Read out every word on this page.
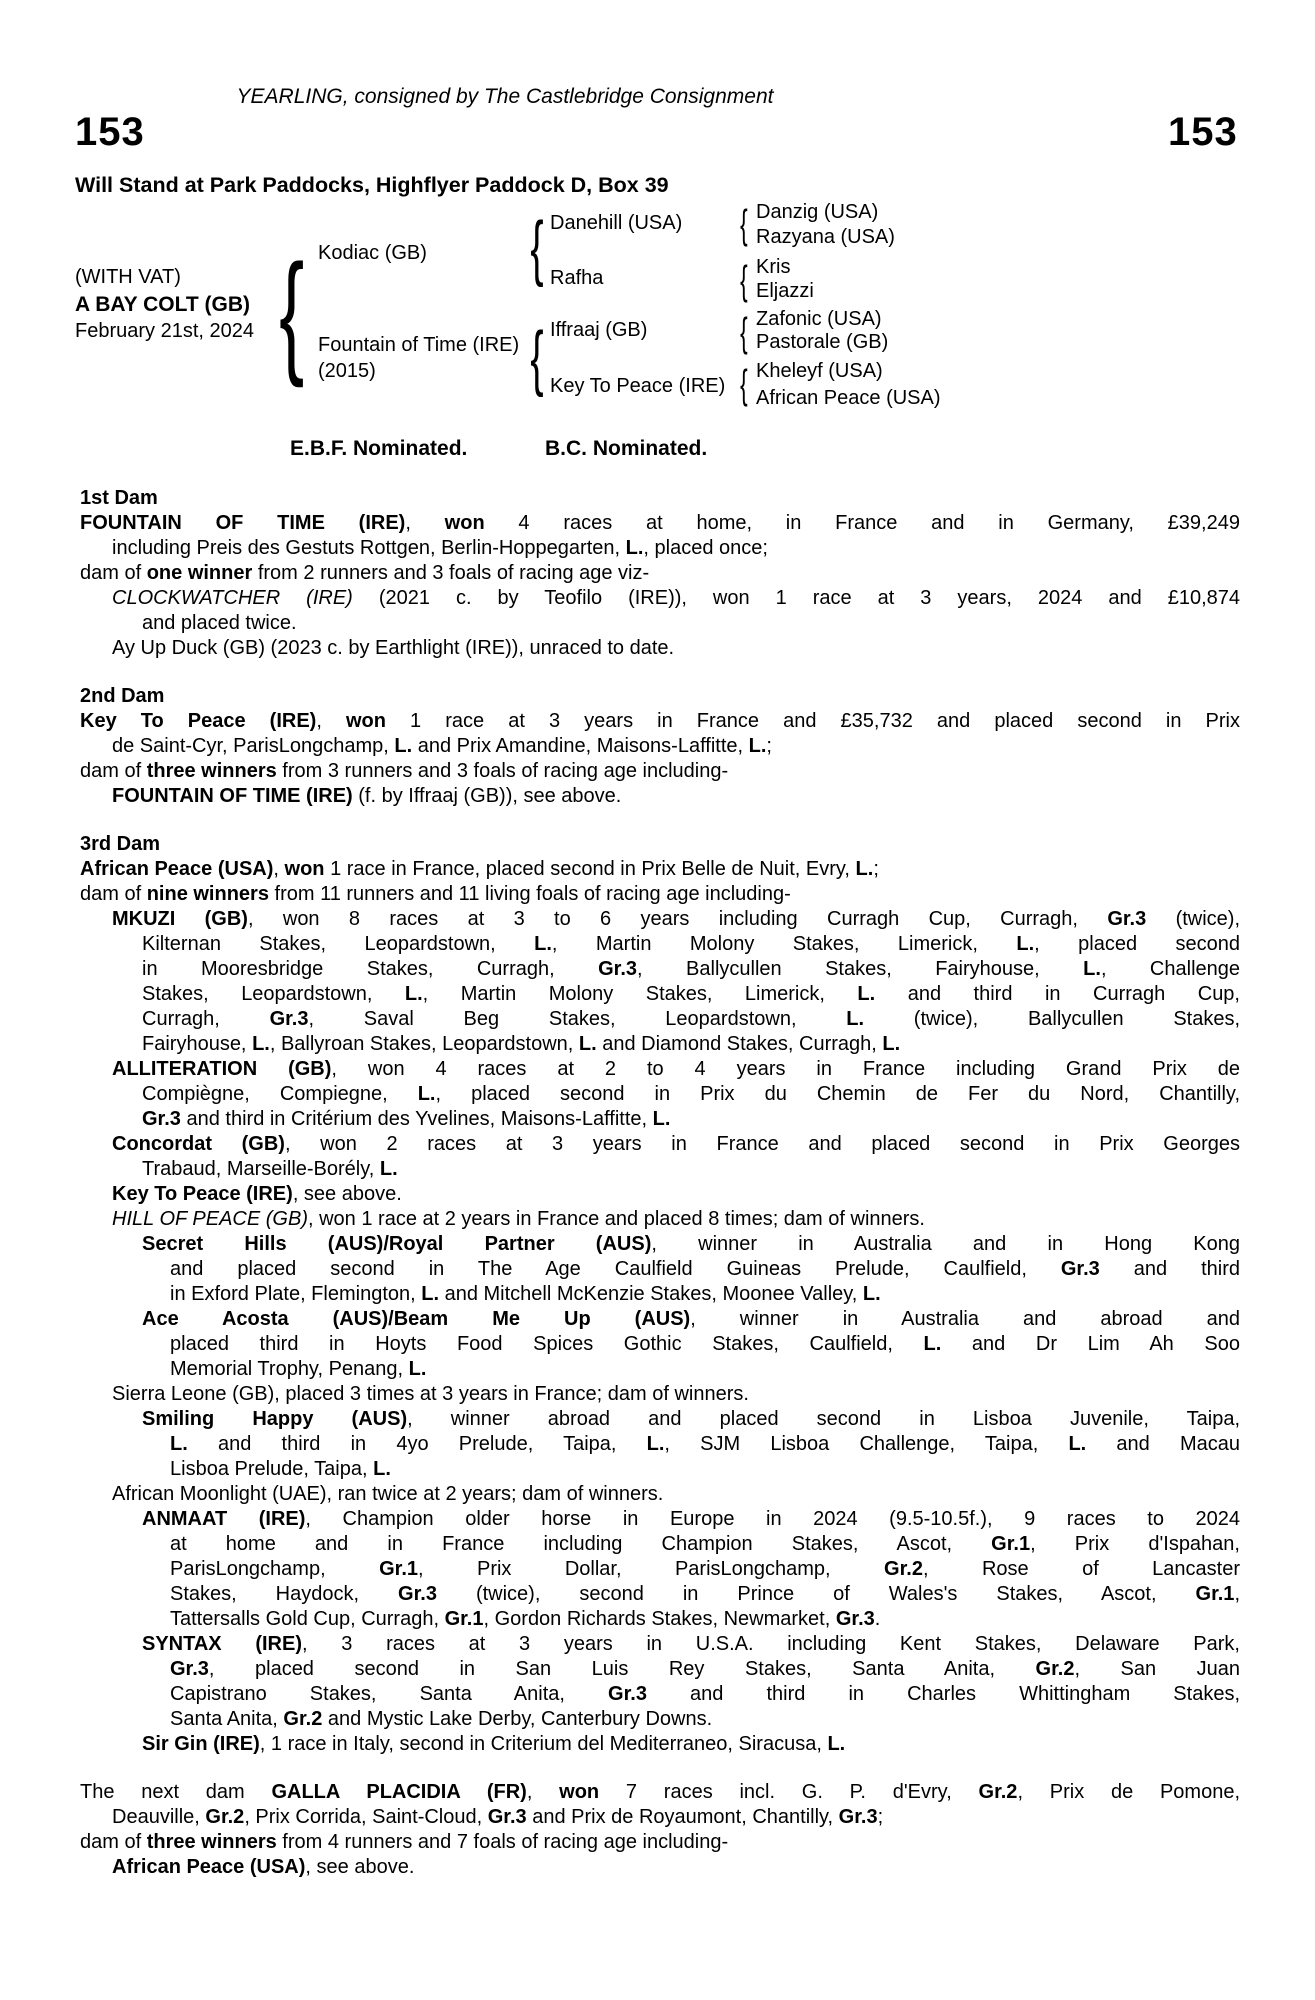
YEARLING, consigned by The Castlebridge Consignment
153	153
Will Stand at Park Paddocks, Highflyer Paddock D, Box 39
(WITH VAT)
A BAY COLT (GB)
February 21st, 2024 { Kodiac (GB)
Fountain of Time (IRE)
(2015)
{
{
Danehill (USA)
Rafha
Iffraaj (GB)
Key To Peace (IRE)
{
{
{
{
Danzig (USA)
Razyana (USA)
Kris
Eljazzi
Zafonic (USA)
Pastorale (GB)
Kheleyf (USA)
African Peace (USA)
E.B.F. Nominated.	B.C. Nominated.
1st Dam
FOUNTAIN OF TIME (IRE), won 4 races at home, in France and in Germany, £39,249
including Preis des Gestuts Rottgen, Berlin-Hoppegarten, L., placed once;
dam of one winner from 2 runners and 3 foals of racing age viz-
CLOCKWATCHER (IRE) (2021 c. by Teofilo (IRE)), won 1 race at 3 years, 2024 and £10,874
and placed twice.
Ay Up Duck (GB) (2023 c. by Earthlight (IRE)), unraced to date.
2nd Dam
Key To Peace (IRE), won 1 race at 3 years in France and £35,732 and placed second in Prix
de Saint-Cyr, ParisLongchamp, L. and Prix Amandine, Maisons-Laffitte, L.;
dam of three winners from 3 runners and 3 foals of racing age including-
FOUNTAIN OF TIME (IRE) (f. by Iffraaj (GB)), see above.
3rd Dam
African Peace (USA), won 1 race in France, placed second in Prix Belle de Nuit, Evry, L.;
dam of nine winners from 11 runners and 11 living foals of racing age including-
MKUZI (GB), won 8 races at 3 to 6 years including Curragh Cup, Curragh, Gr.3 (twice),
Kilternan Stakes, Leopardstown, L., Martin Molony Stakes, Limerick, L., placed second
in Mooresbridge Stakes, Curragh, Gr.3, Ballycullen Stakes, Fairyhouse, L., Challenge
Stakes, Leopardstown, L., Martin Molony Stakes, Limerick, L. and third in Curragh Cup,
Curragh, Gr.3, Saval Beg Stakes, Leopardstown, L. (twice), Ballycullen Stakes,
Fairyhouse, L., Ballyroan Stakes, Leopardstown, L. and Diamond Stakes, Curragh, L.
ALLITERATION (GB), won 4 races at 2 to 4 years in France including Grand Prix de
Compiègne, Compiegne, L., placed second in Prix du Chemin de Fer du Nord, Chantilly,
Gr.3 and third in Critérium des Yvelines, Maisons-Laffitte, L.
Concordat (GB), won 2 races at 3 years in France and placed second in Prix Georges
Trabaud, Marseille-Borély, L.
Key To Peace (IRE), see above.
HILL OF PEACE (GB), won 1 race at 2 years in France and placed 8 times; dam of winners.
Secret Hills (AUS)/Royal Partner (AUS), winner in Australia and in Hong Kong
and placed second in The Age Caulfield Guineas Prelude, Caulfield, Gr.3 and third
in Exford Plate, Flemington, L. and Mitchell McKenzie Stakes, Moonee Valley, L.
Ace Acosta (AUS)/Beam Me Up (AUS), winner in Australia and abroad and
placed third in Hoyts Food Spices Gothic Stakes, Caulfield, L. and Dr Lim Ah Soo
Memorial Trophy, Penang, L.
Sierra Leone (GB), placed 3 times at 3 years in France; dam of winners.
Smiling Happy (AUS), winner abroad and placed second in Lisboa Juvenile, Taipa,
L. and third in 4yo Prelude, Taipa, L., SJM Lisboa Challenge, Taipa, L. and Macau
Lisboa Prelude, Taipa, L.
African Moonlight (UAE), ran twice at 2 years; dam of winners.
ANMAAT (IRE), Champion older horse in Europe in 2024 (9.5-10.5f.), 9 races to 2024
at home and in France including Champion Stakes, Ascot, Gr.1, Prix d'Ispahan,
ParisLongchamp, Gr.1, Prix Dollar, ParisLongchamp, Gr.2, Rose of Lancaster
Stakes, Haydock, Gr.3 (twice), second in Prince of Wales's Stakes, Ascot, Gr.1,
Tattersalls Gold Cup, Curragh, Gr.1, Gordon Richards Stakes, Newmarket, Gr.3.
SYNTAX (IRE), 3 races at 3 years in U.S.A. including Kent Stakes, Delaware Park,
Gr.3, placed second in San Luis Rey Stakes, Santa Anita, Gr.2, San Juan
Capistrano Stakes, Santa Anita, Gr.3 and third in Charles Whittingham Stakes,
Santa Anita, Gr.2 and Mystic Lake Derby, Canterbury Downs.
Sir Gin (IRE), 1 race in Italy, second in Criterium del Mediterraneo, Siracusa, L.
The next dam GALLA PLACIDIA (FR), won 7 races incl. G. P. d'Evry, Gr.2, Prix de Pomone,
Deauville, Gr.2, Prix Corrida, Saint-Cloud, Gr.3 and Prix de Royaumont, Chantilly, Gr.3;
dam of three winners from 4 runners and 7 foals of racing age including-
African Peace (USA), see above.
